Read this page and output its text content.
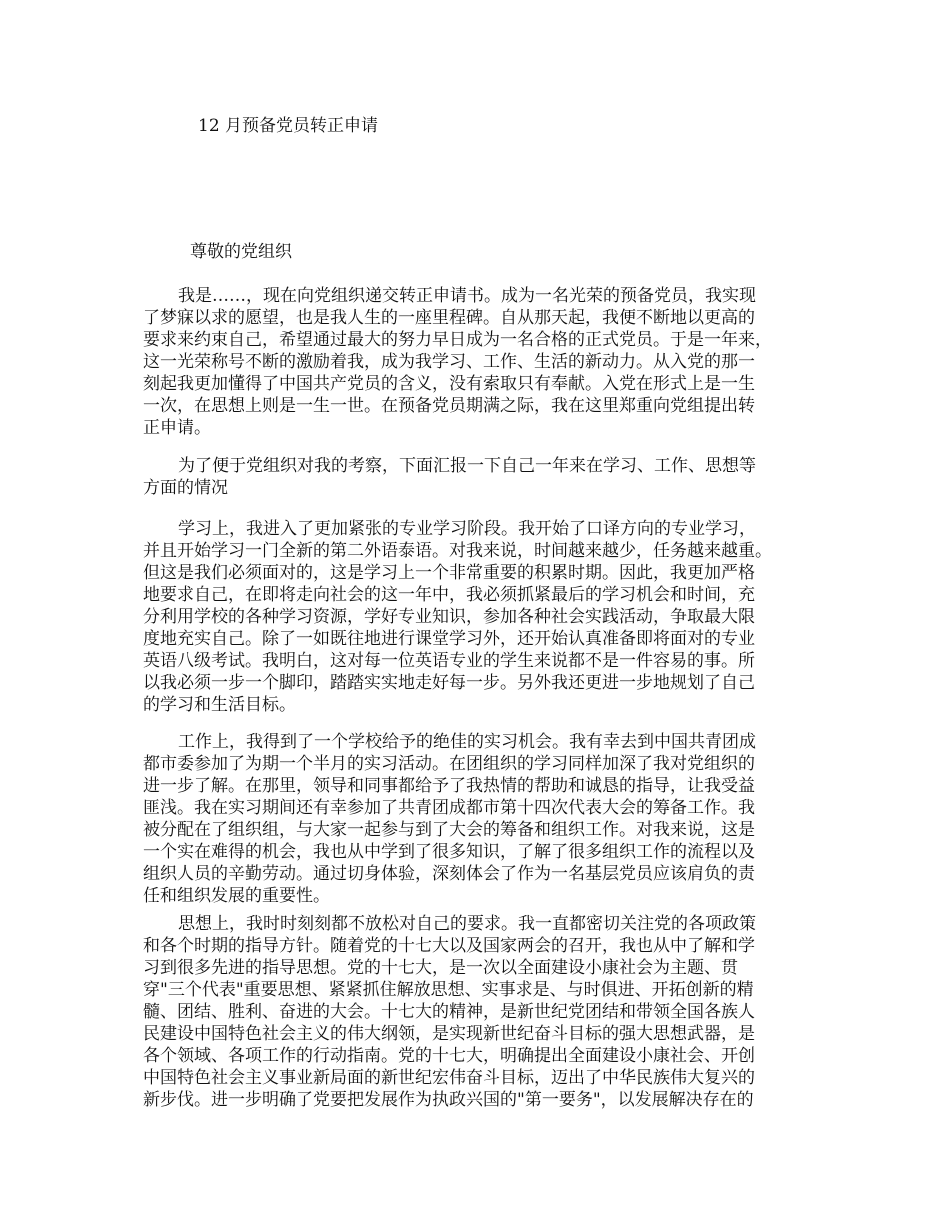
12 月预备党员转正申请
尊敬的党组织
我是……，现在向党组织递交转正申请书。成为一名光荣的预备党员，我实现
了梦寐以求的愿望，也是我人生的一座里程碑。自从那天起，我便不断地以更高的
要求来约束自己，希望通过最大的努力早日成为一名合格的正式党员。于是一年来，
这一光荣称号不断的激励着我，成为我学习、工作、生活的新动力。从入党的那一
刻起我更加懂得了中国共产党员的含义，没有索取只有奉献。入党在形式上是一生
一次，在思想上则是一生一世。在预备党员期满之际，我在这里郑重向党组提出转
正申请。
为了便于党组织对我的考察，下面汇报一下自己一年来在学习、工作、思想等
方面的情况
学习上，我进入了更加紧张的专业学习阶段。我开始了口译方向的专业学习，
并且开始学习一门全新的第二外语泰语。对我来说，时间越来越少，任务越来越重。
但这是我们必须面对的，这是学习上一个非常重要的积累时期。因此，我更加严格
地要求自己，在即将走向社会的这一年中，我必须抓紧最后的学习机会和时间，充
分利用学校的各种学习资源，学好专业知识，参加各种社会实践活动，争取最大限
度地充实自己。除了一如既往地进行课堂学习外，还开始认真准备即将面对的专业
英语八级考试。我明白，这对每一位英语专业的学生来说都不是一件容易的事。所
以我必须一步一个脚印，踏踏实实地走好每一步。另外我还更进一步地规划了自己
的学习和生活目标。
工作上，我得到了一个学校给予的绝佳的实习机会。我有幸去到中国共青团成
都市委参加了为期一个半月的实习活动。在团组织的学习同样加深了我对党组织的
进一步了解。在那里，领导和同事都给予了我热情的帮助和诚恳的指导，让我受益
匪浅。我在实习期间还有幸参加了共青团成都市第十四次代表大会的筹备工作。我
被分配在了组织组，与大家一起参与到了大会的筹备和组织工作。对我来说，这是
一个实在难得的机会，我也从中学到了很多知识，了解了很多组织工作的流程以及
组织人员的辛勤劳动。通过切身体验，深刻体会了作为一名基层党员应该肩负的责
任和组织发展的重要性。
思想上，我时时刻刻都不放松对自己的要求。我一直都密切关注党的各项政策
和各个时期的指导方针。随着党的十七大以及国家两会的召开，我也从中了解和学
习到很多先进的指导思想。党的十七大，是一次以全面建设小康社会为主题、贯
穿"三个代表"重要思想、紧紧抓住解放思想、实事求是、与时俱进、开拓创新的精
髓、团结、胜利、奋进的大会。十七大的精神，是新世纪党团结和带领全国各族人
民建设中国特色社会主义的伟大纲领，是实现新世纪奋斗目标的强大思想武器，是
各个领域、各项工作的行动指南。党的十七大，明确提出全面建设小康社会、开创
中国特色社会主义事业新局面的新世纪宏伟奋斗目标，迈出了中华民族伟大复兴的
新步伐。进一步明确了党要把发展作为执政兴国的"第一要务"，以发展解决存在的
